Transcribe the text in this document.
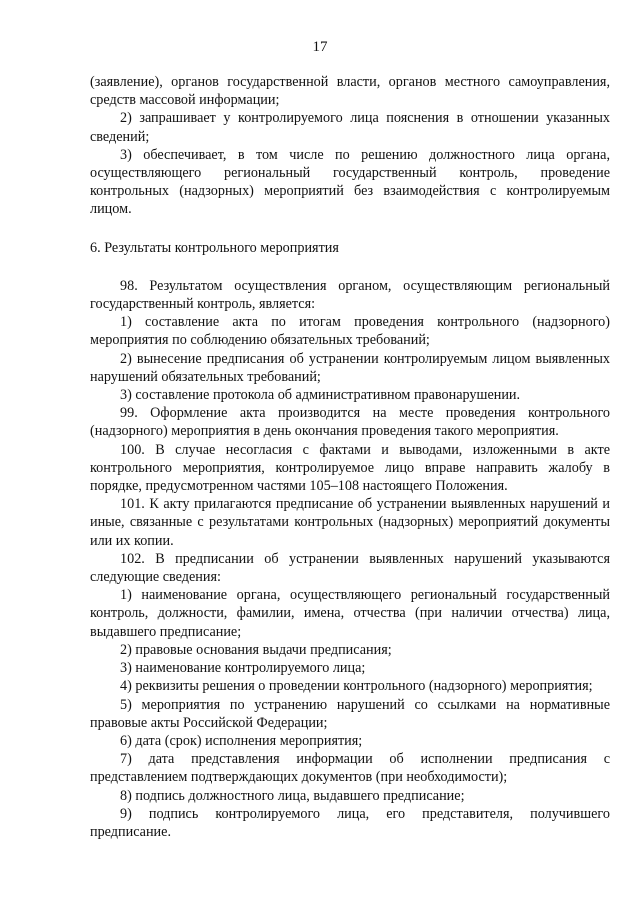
17

(заявление), органов государственной власти, органов местного самоуправления, средств массовой информации;

2) запрашивает у контролируемого лица пояснения в отношении указанных сведений;

3) обеспечивает, в том числе по решению должностного лица органа, осуществляющего региональный государственный контроль, проведение контрольных (надзорных) мероприятий без взаимодействия с контролируемым лицом.

6. Результаты контрольного мероприятия

98. Результатом осуществления органом, осуществляющим региональный государственный контроль, является:

1) составление акта по итогам проведения контрольного (надзорного) мероприятия по соблюдению обязательных требований;

2) вынесение предписания об устранении контролируемым лицом выявленных нарушений обязательных требований;

3) составление протокола об административном правонарушении.

99. Оформление акта производится на месте проведения контрольного (надзорного) мероприятия в день окончания проведения такого мероприятия.

100. В случае несогласия с фактами и выводами, изложенными в акте контрольного мероприятия, контролируемое лицо вправе направить жалобу в порядке, предусмотренном частями 105–108 настоящего Положения.

101. К акту прилагаются предписание об устранении выявленных нарушений и иные, связанные с результатами контрольных (надзорных) мероприятий документы или их копии.

102. В предписании об устранении выявленных нарушений указываются следующие сведения:

1) наименование органа, осуществляющего региональный государственный контроль, должности, фамилии, имена, отчества (при наличии отчества) лица, выдавшего предписание;

2) правовые основания выдачи предписания;

3) наименование контролируемого лица;

4) реквизиты решения о проведении контрольного (надзорного) мероприятия;

5) мероприятия по устранению нарушений со ссылками на нормативные правовые акты Российской Федерации;

6) дата (срок) исполнения мероприятия;

7) дата представления информации об исполнении предписания с представлением подтверждающих документов (при необходимости);

8) подпись должностного лица, выдавшего предписание;

9) подпись контролируемого лица, его представителя, получившего предписание.
